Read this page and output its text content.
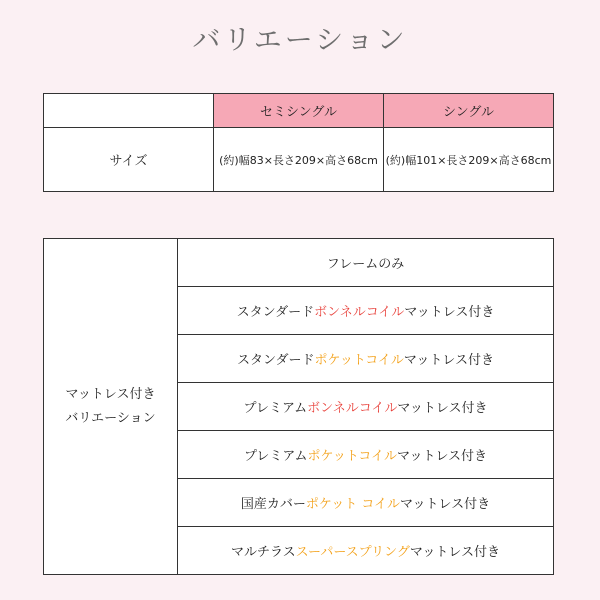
バリエーション
	セミシングル	シングル
サイズ	(約)幅83×長さ209×高さ68cm	(約)幅101×長さ209×高さ68cm
マットレス付き
バリエーション	フレームのみ
スタンダードボンネルコイルマットレス付き
スタンダードポケットコイルマットレス付き
プレミアムボンネルコイルマットレス付き
プレミアムポケットコイルマットレス付き
国産カバーポケット コイルマットレス付き
マルチラススーパースプリングマットレス付き
